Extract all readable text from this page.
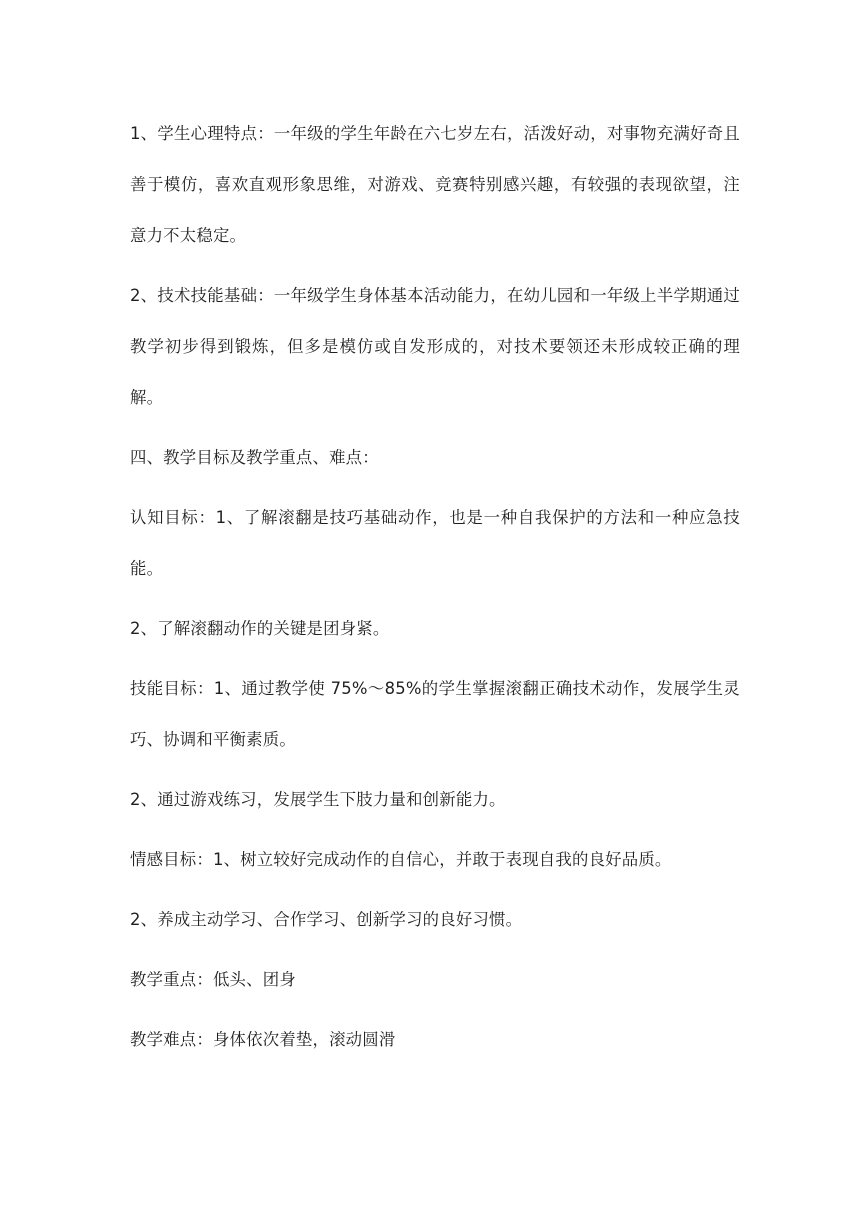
1、学生心理特点：一年级的学生年龄在六七岁左右，活泼好动，对事物充满好奇且善于模仿，喜欢直观形象思维，对游戏、竞赛特别感兴趣，有较强的表现欲望，注意力不太稳定。

2、技术技能基础：一年级学生身体基本活动能力，在幼儿园和一年级上半学期通过教学初步得到锻炼，但多是模仿或自发形成的，对技术要领还未形成较正确的理解。

四、教学目标及教学重点、难点：

认知目标：1、了解滚翻是技巧基础动作，也是一种自我保护的方法和一种应急技能。

2、了解滚翻动作的关键是团身紧。

技能目标：1、通过教学使 75%～85%的学生掌握滚翻正确技术动作，发展学生灵巧、协调和平衡素质。

2、通过游戏练习，发展学生下肢力量和创新能力。

情感目标：1、树立较好完成动作的自信心，并敢于表现自我的良好品质。

2、养成主动学习、合作学习、创新学习的良好习惯。

教学重点：低头、团身

教学难点：身体依次着垫，滚动圆滑
